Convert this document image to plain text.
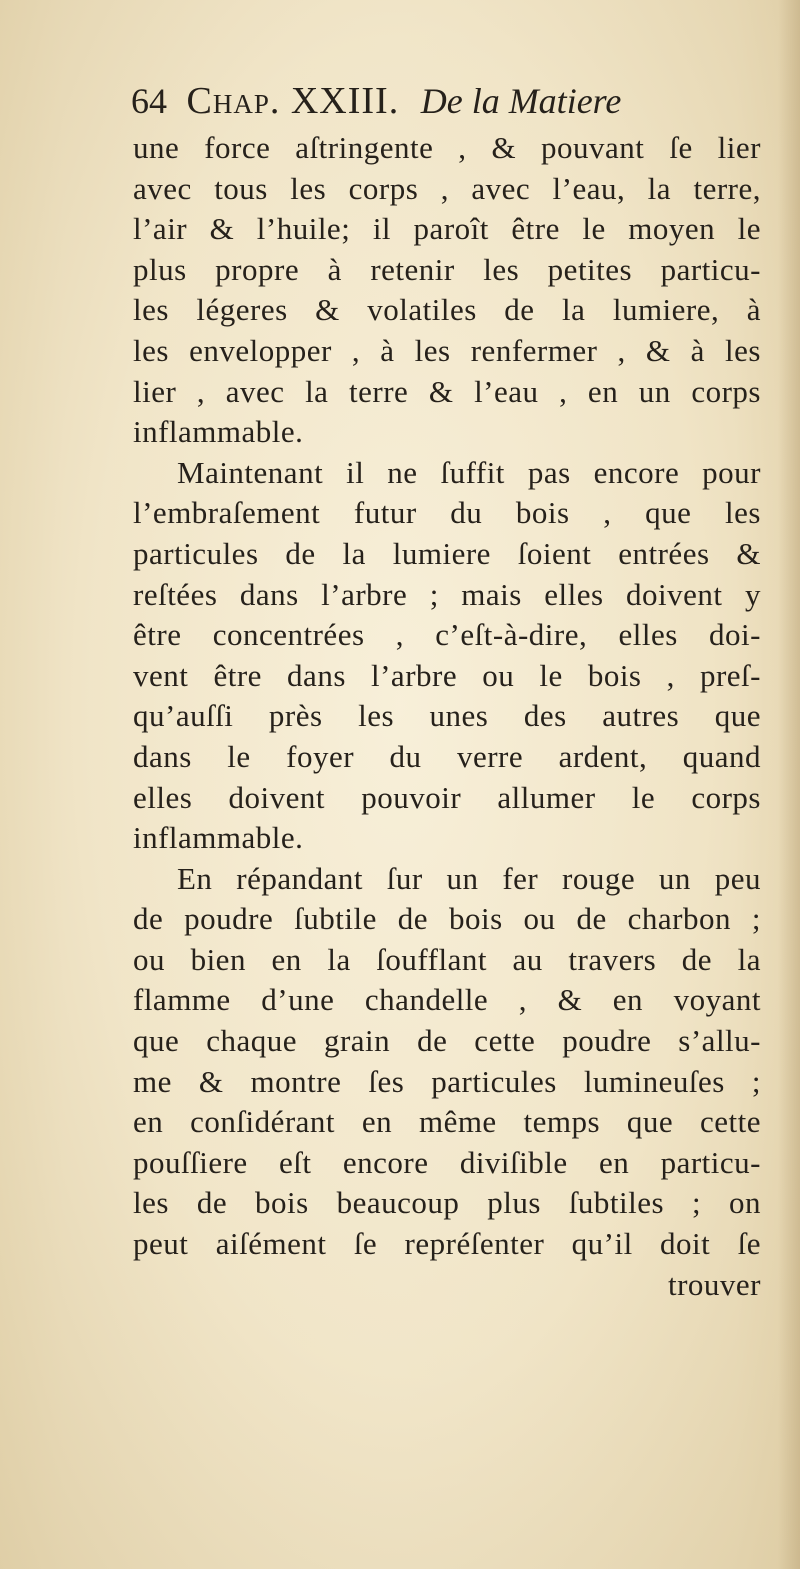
64 Chap. XXIII. De la Matiere
une force aſtringente , & pouvant ſe lier
avec tous les corps , avec l’eau, la terre,
l’air & l’huile; il paroît être le moyen le
plus propre à retenir les petites particu-
les légeres & volatiles de la lumiere, à
les envelopper , à les renfermer , & à les
lier , avec la terre & l’eau , en un corps
inflammable.
Maintenant il ne ſuffit pas encore pour
l’embraſement futur du bois , que les
particules de la lumiere ſoient entrées &
reſtées dans l’arbre ; mais elles doivent y
être concentrées , c’eſt-à-dire, elles doi-
vent être dans l’arbre ou le bois , preſ-
qu’auſſi près les unes des autres que
dans le foyer du verre ardent, quand
elles doivent pouvoir allumer le corps
inflammable.
En répandant ſur un fer rouge un peu
de poudre ſubtile de bois ou de charbon ;
ou bien en la ſoufflant au travers de la
flamme d’une chandelle , & en voyant
que chaque grain de cette poudre s’allu-
me & montre ſes particules lumineuſes ;
en conſidérant en même temps que cette
pouſſiere eſt encore diviſible en particu-
les de bois beaucoup plus ſubtiles ; on
peut aiſément ſe repréſenter qu’il doit ſe
trouver
